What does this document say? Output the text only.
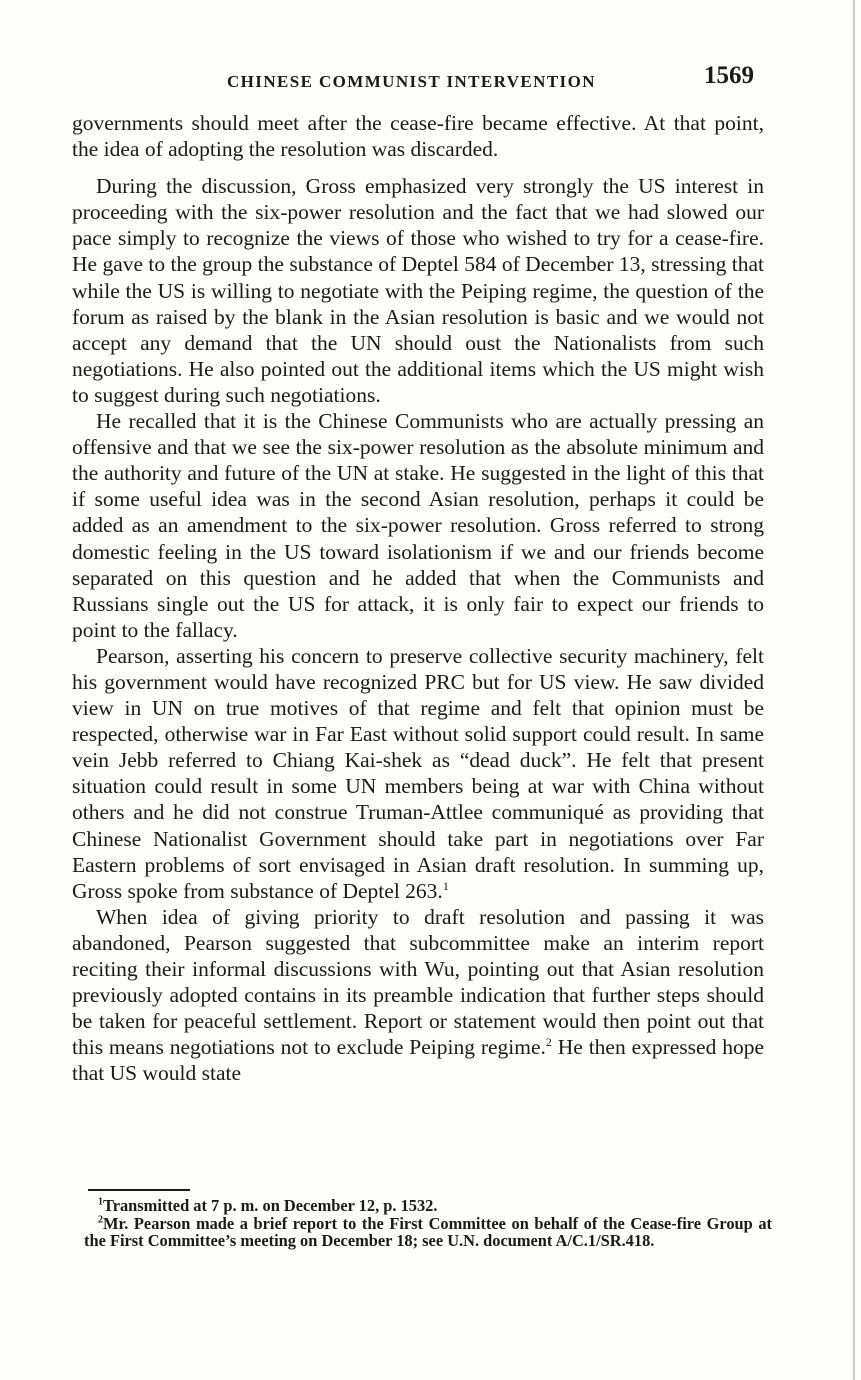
CHINESE COMMUNIST INTERVENTION	1569

governments should meet after the cease-fire became effective. At that point, the idea of adopting the resolution was discarded.

During the discussion, Gross emphasized very strongly the US interest in proceeding with the six-power resolution and the fact that we had slowed our pace simply to recognize the views of those who wished to try for a cease-fire. He gave to the group the substance of Deptel 584 of December 13, stressing that while the US is willing to negotiate with the Peiping regime, the question of the forum as raised by the blank in the Asian resolution is basic and we would not accept any demand that the UN should oust the Nationalists from such negotiations. He also pointed out the additional items which the US might wish to suggest during such negotiations.

He recalled that it is the Chinese Communists who are actually pressing an offensive and that we see the six-power resolution as the absolute minimum and the authority and future of the UN at stake. He suggested in the light of this that if some useful idea was in the second Asian resolution, perhaps it could be added as an amendment to the six-power resolution. Gross referred to strong domestic feeling in the US toward isolationism if we and our friends become separated on this question and he added that when the Communists and Russians single out the US for attack, it is only fair to expect our friends to point to the fallacy.

Pearson, asserting his concern to preserve collective security machinery, felt his government would have recognized PRC but for US view. He saw divided view in UN on true motives of that regime and felt that opinion must be respected, otherwise war in Far East without solid support could result. In same vein Jebb referred to Chiang Kai-shek as “dead duck”. He felt that present situation could result in some UN members being at war with China without others and he did not construe Truman-Attlee communiqué as providing that Chinese Nationalist Government should take part in negotiations over Far Eastern problems of sort envisaged in Asian draft resolution. In summing up, Gross spoke from substance of Deptel 263.$^1$

When idea of giving priority to draft resolution and passing it was abandoned, Pearson suggested that subcommittee make an interim report reciting their informal discussions with Wu, pointing out that Asian resolution previously adopted contains in its preamble indication that further steps should be taken for peaceful settlement. Report or statement would then point out that this means negotiations not to exclude Peiping regime.$^2$ He then expressed hope that US would state

$^1$Transmitted at 7 p. m. on December 12, p. 1532.

$^2$Mr. Pearson made a brief report to the First Committee on behalf of the Cease-fire Group at the First Committee’s meeting on December 18; see U.N. document A/C.1/SR.418.
